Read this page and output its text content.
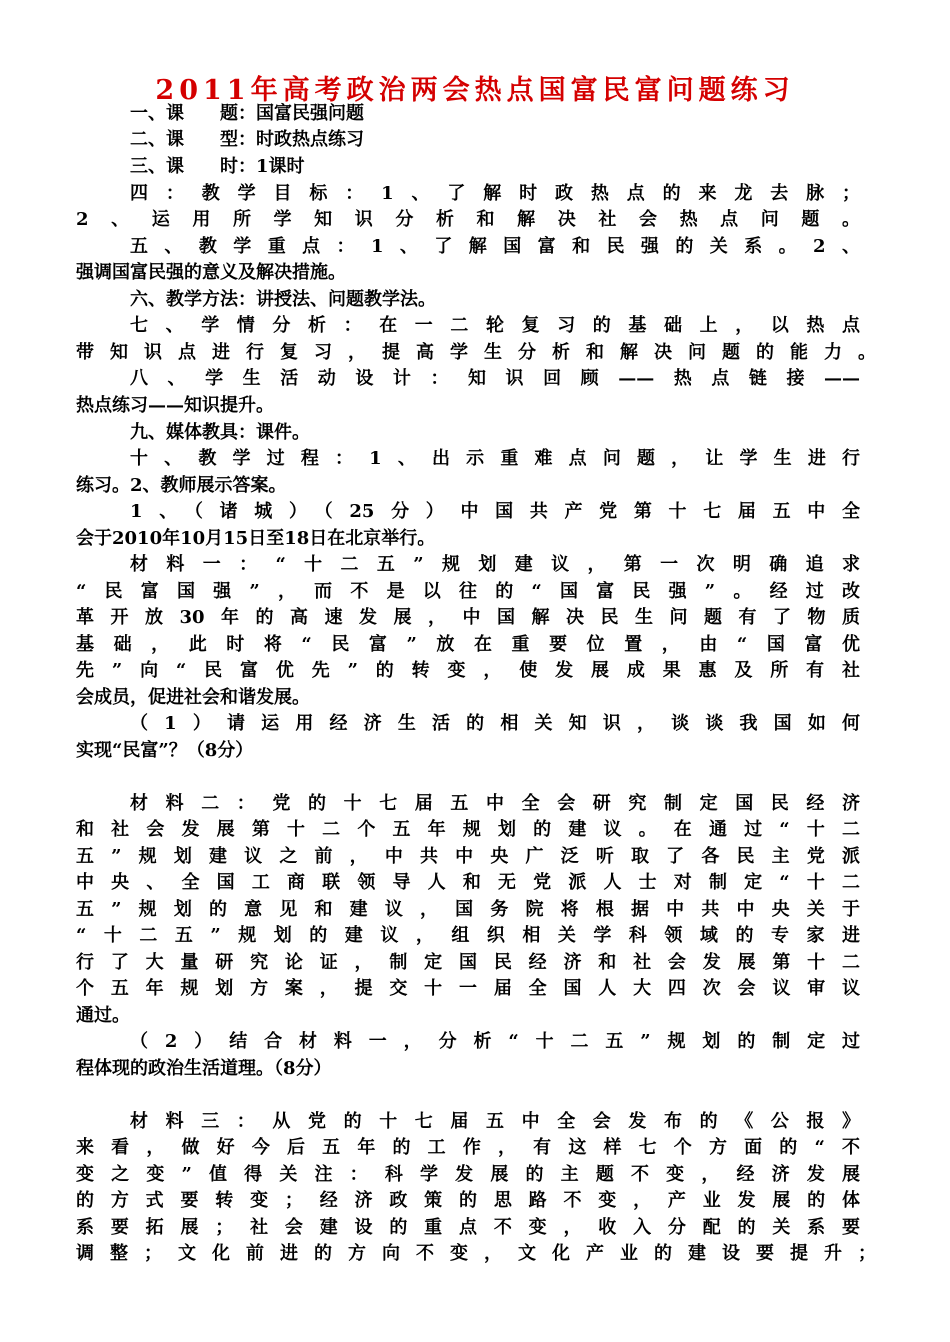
2011年高考政治两会热点国富民富问题练习
一、课　　题：国富民强问题
二、课　　型：时政热点练习
三、课　　时：1课时
四：教学目标：1、了解时政热点的来龙去脉；
2、运用所学知识分析和解决社会热点问题。
五、教学重点：1、了解国富和民强的关系。2、
强调国富民强的意义及解决措施。
六、教学方法：讲授法、问题教学法。
七、学情分析：在一二轮复习的基础上，以热点
带知识点进行复习，提高学生分析和解决问题的能力。
八、学生活动设计：知识回顾——热点链接——
热点练习——知识提升。
九、媒体教具：课件。
十、教学过程：1、出示重难点问题，让学生进行
练习。2、教师展示答案。
1、（诸城）（25分）中国共产党第十七届五中全
会于2010年10月15日至18日在北京举行。
材料一：“十二五”规划建议，第一次明确追求
“民富国强”，而不是以往的“国富民强”。经过改
革开放30年的高速发展，中国解决民生问题有了物质
基础，此时将“民富”放在重要位置，由“国富优
先”向“民富优先”的转变，使发展成果惠及所有社
会成员，促进社会和谐发展。
（1）请运用经济生活的相关知识，谈谈我国如何
实现“民富”？（8分）
材料二：党的十七届五中全会研究制定国民经济
和社会发展第十二个五年规划的建议。在通过“十二
五”规划建议之前，中共中央广泛听取了各民主党派
中央、全国工商联领导人和无党派人士对制定“十二
五”规划的意见和建议，国务院将根据中共中央关于
“十二五”规划的建议，组织相关学科领域的专家进
行了大量研究论证，制定国民经济和社会发展第十二
个五年规划方案，提交十一届全国人大四次会议审议
通过。
（2）结合材料一，分析“十二五”规划的制定过
程体现的政治生活道理。（8分）
材料三：从党的十七届五中全会发布的《公报》
来看，做好今后五年的工作，有这样七个方面的“不
变之变”值得关注：科学发展的主题不变，经济发展
的方式要转变；经济政策的思路不变，产业发展的体
系要拓展；社会建设的重点不变，收入分配的关系要
调整；文化前进的方向不变，文化产业的建设要提升；
